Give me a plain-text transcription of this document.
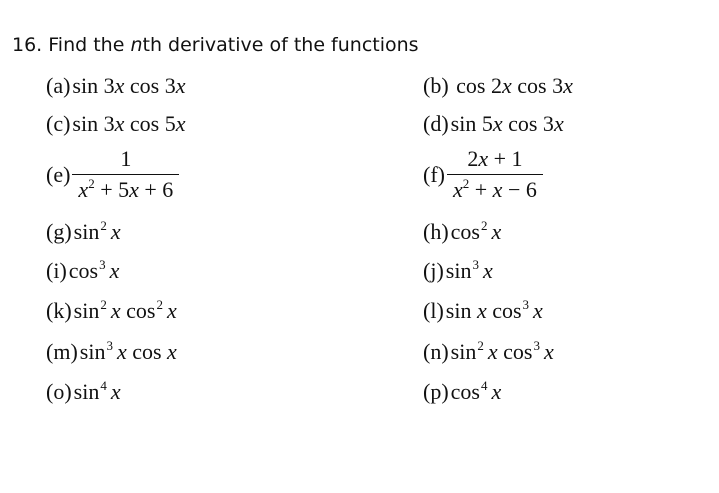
16. Find the nth derivative of the functions
(a)sin 3x cos 3x	(b) cos 2x cos 3x
(c)sin 3x cos 5x	(d)sin 5x cos 3x
$(e) \frac{1}{x^2 + 5x + 6}$	$(f) \frac{2x + 1}{x^2 + x - 6}$
$(g)\sin^2$ x	$(h)\cos^2$ x
$(i)\cos^3$ x	$(j)\sin^3$ x
$(k)\sin^2$ x $\cos^2 x$	(l)sin x $\cos^3 x$
$(m)\sin^3$ x cos x	$(n)\sin^2$ x $\cos^3 x$
$(o)\sin^4$ x	$(p)\cos^4$ x
